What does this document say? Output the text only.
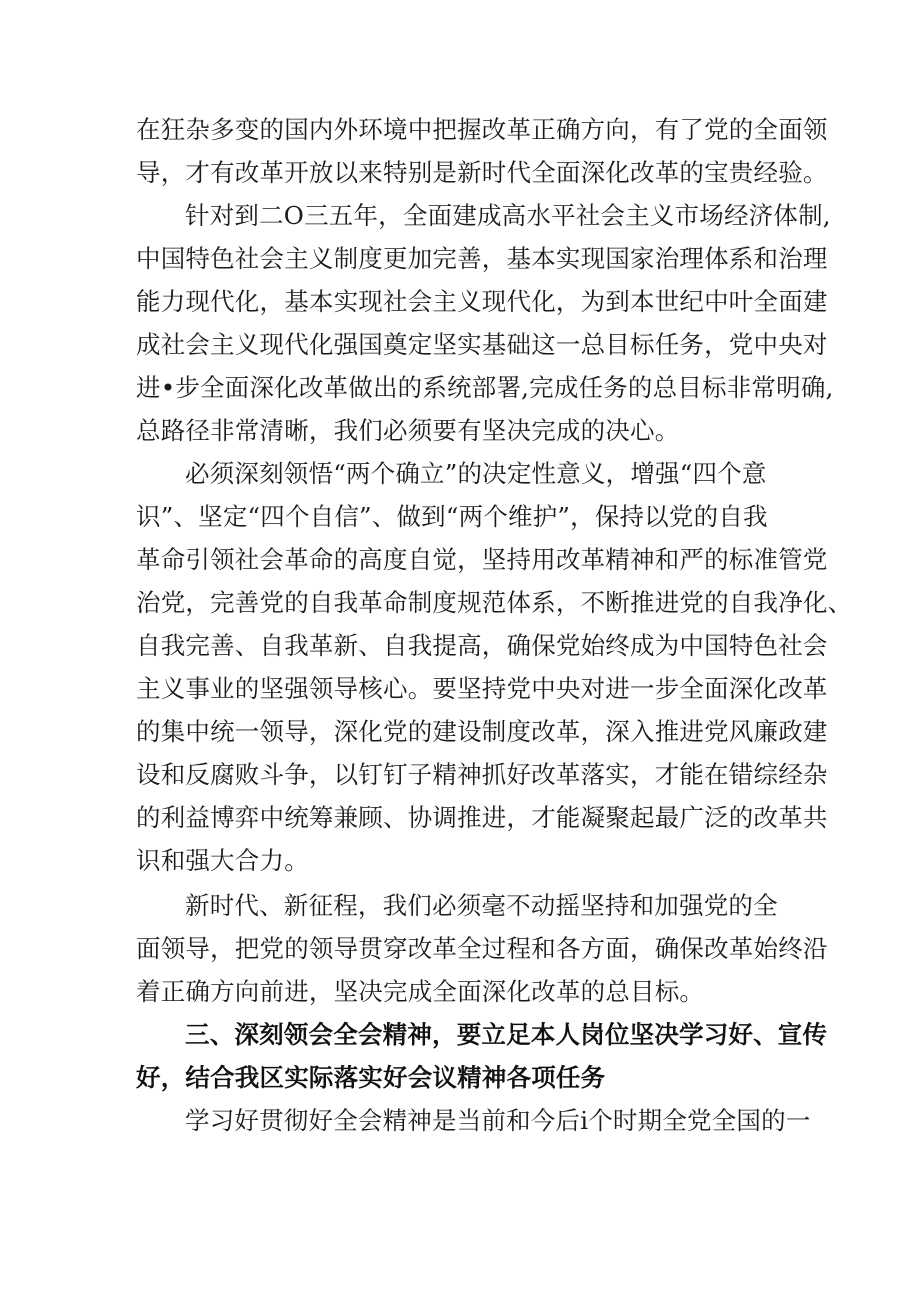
在狂杂多变的国内外环境中把握改革正确方向，有了党的全面领
导，才有改革开放以来特别是新时代全面深化改革的宝贵经验。
针对到二O三五年，全面建成高水平社会主义市场经济体制,
中国特色社会主义制度更加完善，基本实现国家治理体系和治理
能力现代化，基本实现社会主义现代化，为到本世纪中叶全面建
成社会主义现代化强国奠定坚实基础这一总目标任务，党中央对
进•步全面深化改革做出的系统部署,完成任务的总目标非常明确,
总路径非常清晰，我们必须要有坚决完成的决心。
必须深刻领悟“两个确立”的决定性意义，增强“四个意
识”、坚定“四个自信”、做到“两个维护”，保持以党的自我
革命引领社会革命的高度自觉，坚持用改革精神和严的标准管党
治党，完善党的自我革命制度规范体系，不断推进党的自我净化、
自我完善、自我革新、自我提高，确保党始终成为中国特色社会
主义事业的坚强领导核心。要坚持党中央对进一步全面深化改革
的集中统一领导，深化党的建设制度改革，深入推进党风廉政建
设和反腐败斗争，以钉钉子精神抓好改革落实，才能在错综经杂
的利益博弈中统筹兼顾、协调推进，才能凝聚起最广泛的改革共
识和强大合力。
新时代、新征程，我们必须毫不动摇坚持和加强党的全
面领导，把党的领导贯穿改革全过程和各方面，确保改革始终沿
着正确方向前进，坚决完成全面深化改革的总目标。
三、深刻领会全会精神，要立足本人岗位坚决学习好、宣传
好，结合我区实际落实好会议精神各项任务
学习好贯彻好全会精神是当前和今后i个时期全党全国的一
